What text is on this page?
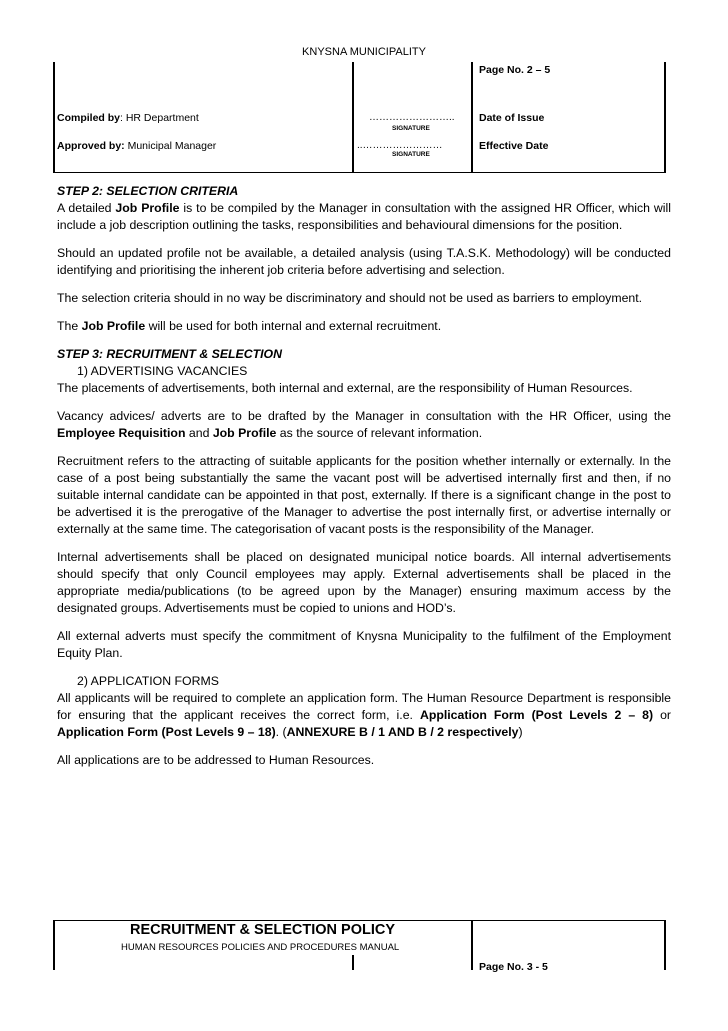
KNYSNA MUNICIPALITY
Page No. 2 – 5
Compiled by: HR Department	……………………..
SIGNATURE
Date of Issue
Approved by: Municipal Manager	..……………………
SIGNATURE
Effective Date

STEP 2: SELECTION CRITERIA

A detailed Job Profile is to be compiled by the Manager in consultation with the assigned HR Officer, which will include a job description outlining the tasks, responsibilities and behavioural dimensions for the position.

Should an updated profile not be available, a detailed analysis (using T.A.S.K. Methodology) will be conducted identifying and prioritising the inherent job criteria before advertising and selection.

The selection criteria should in no way be discriminatory and should not be used as barriers to employment.

The Job Profile will be used for both internal and external recruitment.

STEP 3: RECRUITMENT & SELECTION

1) ADVERTISING VACANCIES

The placements of advertisements, both internal and external, are the responsibility of Human Resources.

Vacancy advices/ adverts are to be drafted by the Manager in consultation with the HR Officer, using the Employee Requisition and Job Profile as the source of relevant information.

Recruitment refers to the attracting of suitable applicants for the position whether internally or externally. In the case of a post being substantially the same the vacant post will be advertised internally first and then, if no suitable internal candidate can be appointed in that post, externally. If there is a significant change in the post to be advertised it is the prerogative of the Manager to advertise the post internally first, or advertise internally or externally at the same time. The categorisation of vacant posts is the responsibility of the Manager.

Internal advertisements shall be placed on designated municipal notice boards. All internal advertisements should specify that only Council employees may apply. External advertisements shall be placed in the appropriate media/publications (to be agreed upon by the Manager) ensuring maximum access by the designated groups. Advertisements must be copied to unions and HOD’s.

All external adverts must specify the commitment of Knysna Municipality to the fulfilment of the Employment Equity Plan.

2) APPLICATION FORMS

All applicants will be required to complete an application form. The Human Resource Department is responsible for ensuring that the applicant receives the correct form, i.e. Application Form (Post Levels 2 – 8) or Application Form (Post Levels 9 – 18). (ANNEXURE B / 1 AND B / 2 respectively)

All applications are to be addressed to Human Resources.

RECRUITMENT & SELECTION POLICY
HUMAN RESOURCES POLICIES AND PROCEDURES MANUAL
Page No. 3 - 5
